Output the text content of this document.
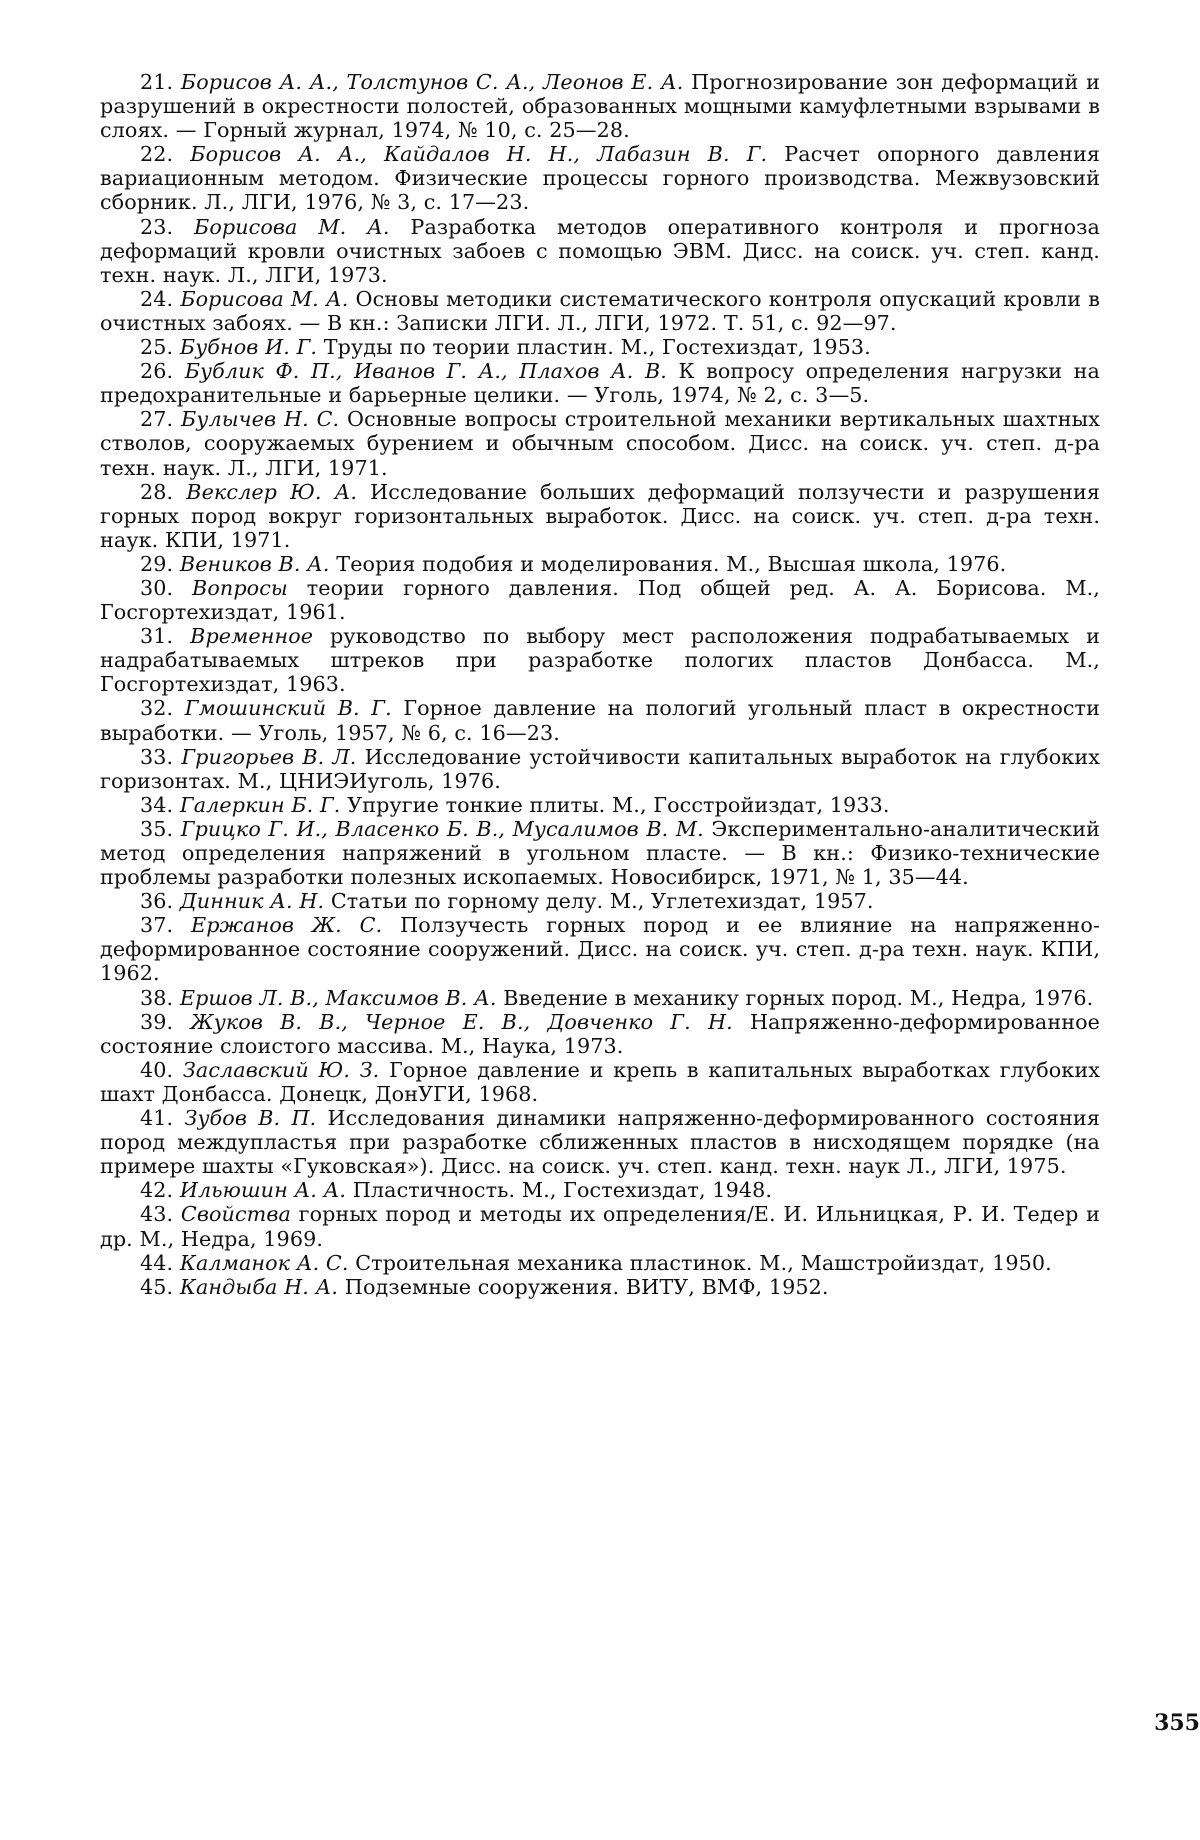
21. Борисов А. А., Толстунов С. А., Леонов Е. А. Прогнозирование зон деформаций и разрушений в окрестности полостей, образованных мощными камуфлетными взрывами в слоях. — Горный журнал, 1974, № 10, с. 25—28.

22. Борисов А. А., Кайдалов Н. Н., Лабазин В. Г. Расчет опорного давления вариационным методом. Физические процессы горного производства. Межвузовский сборник. Л., ЛГИ, 1976, № 3, с. 17—23.

23. Борисова М. А. Разработка методов оперативного контроля и прогноза деформаций кровли очистных забоев с помощью ЭВМ. Дисс. на соиск. уч. степ. канд. техн. наук. Л., ЛГИ, 1973.

24. Борисова М. А. Основы методики систематического контроля опускаций кровли в очистных забоях. — В кн.: Записки ЛГИ. Л., ЛГИ, 1972. Т. 51, с. 92—97.

25. Бубнов И. Г. Труды по теории пластин. М., Гостехиздат, 1953.

26. Бублик Ф. П., Иванов Г. А., Плахов А. В. К вопросу определения нагрузки на предохранительные и барьерные целики. — Уголь, 1974, № 2, с. 3—5.

27. Булычев Н. С. Основные вопросы строительной механики вертикальных шахтных стволов, сооружаемых бурением и обычным способом. Дисс. на соиск. уч. степ. д-ра техн. наук. Л., ЛГИ, 1971.

28. Векслер Ю. А. Исследование больших деформаций ползучести и разрушения горных пород вокруг горизонтальных выработок. Дисс. на соиск. уч. степ. д-ра техн. наук. КПИ, 1971.

29. Веников В. А. Теория подобия и моделирования. М., Высшая школа, 1976.

30. Вопросы теории горного давления. Под общей ред. А. А. Борисова. М., Госгортехиздат, 1961.

31. Временное руководство по выбору мест расположения подрабатываемых и надрабатываемых штреков при разработке пологих пластов Донбасса. М., Госгортехиздат, 1963.

32. Гмошинский В. Г. Горное давление на пологий угольный пласт в окрестности выработки. — Уголь, 1957, № 6, с. 16—23.

33. Григорьев В. Л. Исследование устойчивости капитальных выработок на глубоких горизонтах. М., ЦНИЭИуголь, 1976.

34. Галеркин Б. Г. Упругие тонкие плиты. М., Госстройиздат, 1933.

35. Грицко Г. И., Власенко Б. В., Мусалимов В. М. Экспериментально-аналитический метод определения напряжений в угольном пласте. — В кн.: Физико-технические проблемы разработки полезных ископаемых. Новосибирск, 1971, № 1, 35—44.

36. Динник А. Н. Статьи по горному делу. М., Углетехиздат, 1957.

37. Ержанов Ж. С. Ползучесть горных пород и ее влияние на напряженно-деформированное состояние сооружений. Дисс. на соиск. уч. степ. д-ра техн. наук. КПИ, 1962.

38. Ершов Л. В., Максимов В. А. Введение в механику горных пород. М., Недра, 1976.

39. Жуков В. В., Черное Е. В., Довченко Г. Н. Напряженно-деформированное состояние слоистого массива. М., Наука, 1973.

40. Заславский Ю. З. Горное давление и крепь в капитальных выработках глубоких шахт Донбасса. Донецк, ДонУГИ, 1968.

41. Зубов В. П. Исследования динамики напряженно-деформированного состояния пород междупластья при разработке сближенных пластов в нисходящем порядке (на примере шахты «Гуковская»). Дисс. на соиск. уч. степ. канд. техн. наук Л., ЛГИ, 1975.

42. Ильюшин А. А. Пластичность. М., Гостехиздат, 1948.

43. Свойства горных пород и методы их определения/Е. И. Ильницкая, Р. И. Тедер и др. М., Недра, 1969.

44. Калманок А. С. Строительная механика пластинок. М., Машстройиздат, 1950.

45. Кандыба Н. А. Подземные сооружения. ВИТУ, ВМФ, 1952.

355
